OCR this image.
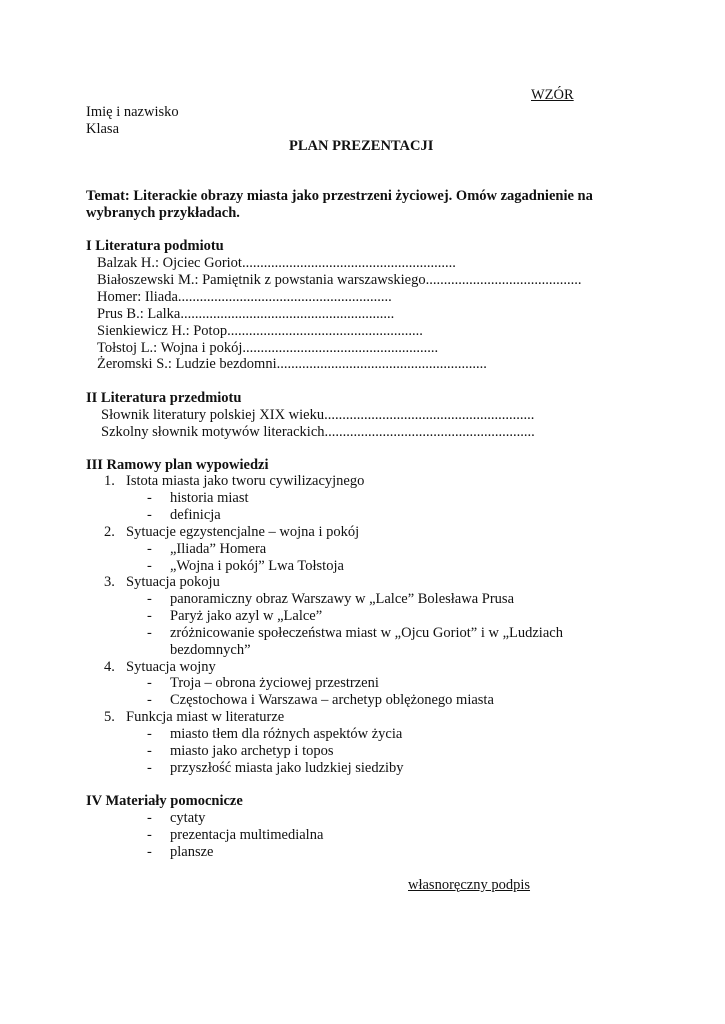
WZÓR
Imię i nazwisko
Klasa
PLAN PREZENTACJI
Temat: Literackie obrazy miasta jako przestrzeni życiowej. Omów zagadnienie na
wybranych przykładach.
I Literatura podmiotu
Balzak H.: Ojciec Goriot...........................................................
Białoszewski M.: Pamiętnik z powstania warszawskiego...........................................
Homer: Iliada...........................................................
Prus B.: Lalka...........................................................
Sienkiewicz H.: Potop......................................................
Tołstoj L.: Wojna i pokój......................................................
Żeromski S.: Ludzie bezdomni..........................................................
II Literatura przedmiotu
Słownik literatury polskiej XIX wieku..........................................................
Szkolny słownik motywów literackich..........................................................
III Ramowy plan wypowiedzi
1. Istota miasta jako tworu cywilizacyjnego
- historia miast
- definicja
2. Sytuacje egzystencjalne – wojna i pokój
- „Iliada” Homera
- „Wojna i pokój” Lwa Tołstoja
3. Sytuacja pokoju
- panoramiczny obraz Warszawy w „Lalce” Bolesława Prusa
- Paryż jako azyl w „Lalce”
- zróżnicowanie społeczeństwa miast w „Ojcu Goriot” i w „Ludziach
bezdomnych”
4. Sytuacja wojny
- Troja – obrona życiowej przestrzeni
- Częstochowa i Warszawa – archetyp oblężonego miasta
5. Funkcja miast w literaturze
- miasto tłem dla różnych aspektów życia
- miasto jako archetyp i topos
- przyszłość miasta jako ludzkiej siedziby
IV Materiały pomocnicze
- cytaty
- prezentacja multimedialna
- plansze
własnoręczny podpis
